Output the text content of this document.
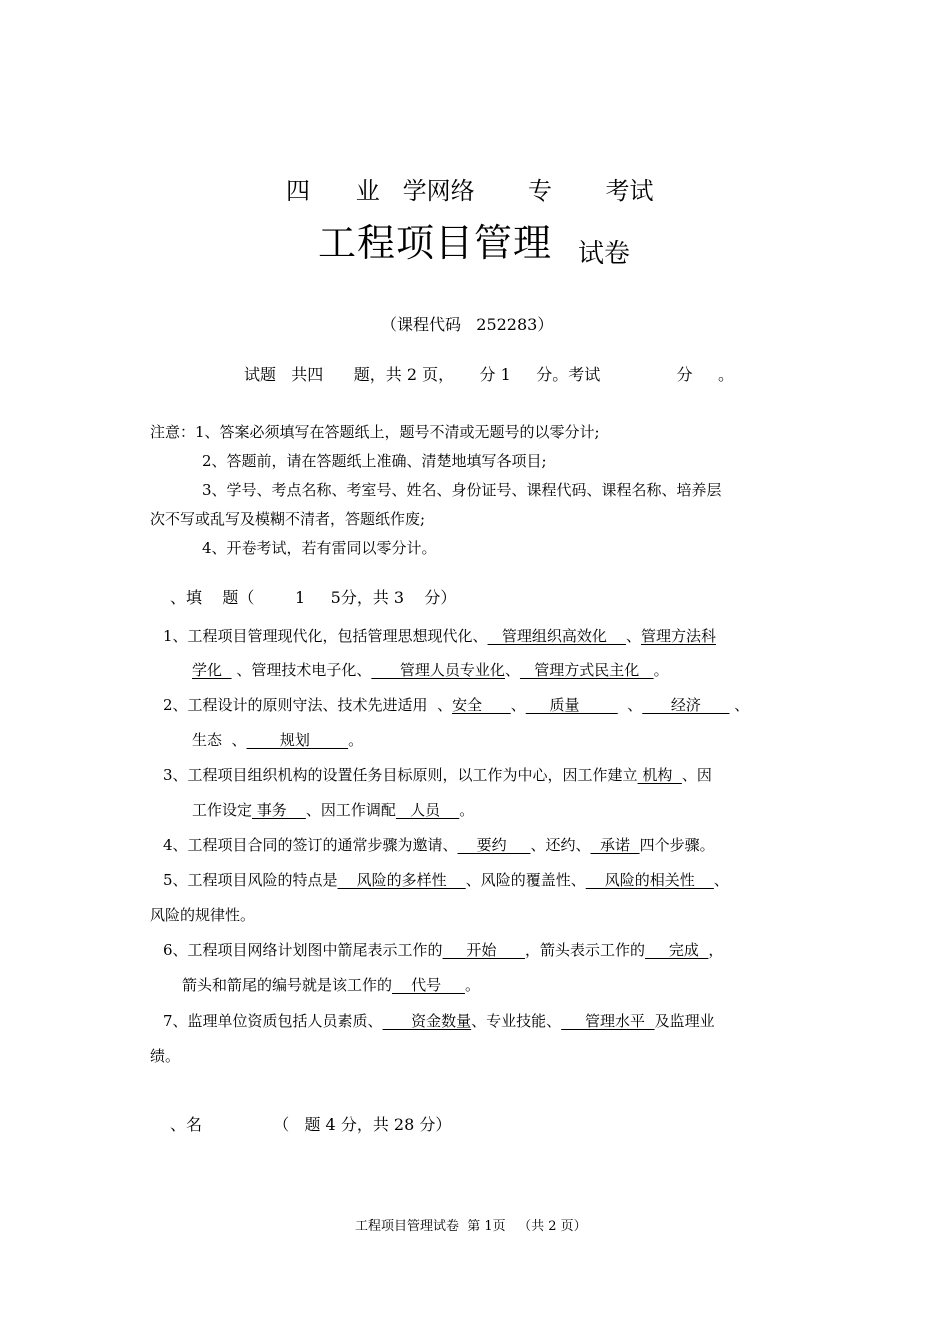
四      业   学网络       专       考试
工程项目管理 试卷
（课程代码   252283）
试题   共四      题，共 2 页，     分 1     分。考试               分     。
注意：1、答案必须填写在答题纸上，题号不清或无题号的以零分计;
2、答题前，请在答题纸上准确、清楚地填写各项目;
3、学号、考点名称、考室号、姓名、身份证号、课程代码、课程名称、培养层
次不写或乱写及模糊不清者，答题纸作废;
4、开卷考试，若有雷同以零分计。
、填    题（        1     5分，共 3    分）
1、工程项目管理现代化，包括管理思想现代化、   管理组织高效化    、管理方法科
学化   、管理技术电子化、      管理人员专业化、   管理方式民主化   。
2、工程设计的原则守法、技术先进适用  、安全      、     质量          、      经济       、
生态  、       规划        。
3、工程项目组织机构的设置任务目标原则，以工作为中心，因工作建立 机构  、因
工作设定 事务    、因工作调配   人员    。
4、工程项目合同的签订的通常步骤为邀请、    要约     、还约、  承诺  四个步骤。
5、工程项目风险的特点是    风险的多样性    、风险的覆盖性、    风险的相关性    、
风险的规律性。
6、工程项目网络计划图中箭尾表示工作的     开始      ，箭头表示工作的     完成  ，
箭头和箭尾的编号就是该工作的    代号     。
7、监理单位资质包括人员素质、      资金数量、专业技能、     管理水平  及监理业
绩。
、名              （   题 4 分，共 28 分）
工程项目管理试卷  第 1页   （共 2 页）
